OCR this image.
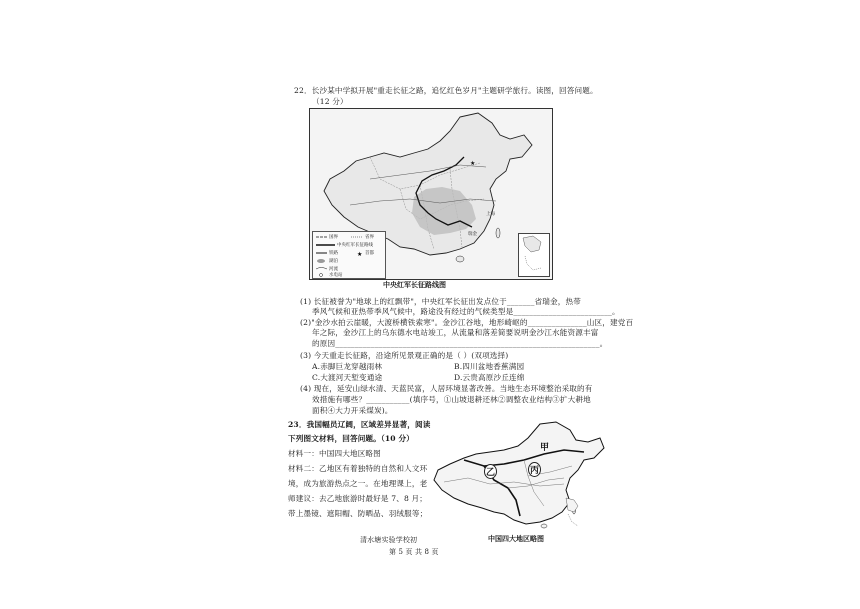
22．长沙某中学拟开展"重走长征之路，追忆红色岁月"主题研学旅行。读图，回答问题。
（12 分）
★
上海
瑞金
国界	省界
中央红军长征路线
首都
铁路
湖泊
河流
水电站
★
中央红军长征路线图
(1) 长征被誉为"地球上的红飘带"，中央红军长征出发点位于_______省瑞金，热带
季风气候和亚热带季风气候中，路途没有经过的气候类型是_________________________。
(2)"金沙水拍云崖暖，大渡桥横铁索寒"。金沙江谷地，地形崎岖的_______________山区，建党百
年之际，金沙江上的乌东德水电站竣工，从流量和落差简要说明金沙江水能资源丰富
的原因___________________________________________________________________。
(3) 今天重走长征路，沿途所见景观正确的是（ ）(双项选择)
A.赤脚巨龙穿越雨林	B.四川盆地香蕉满园
C.大渡河天堑变通途	D.云贵高原沙丘连绵
(4) 现在，延安山绿水清、天蓝民富，人居环境显著改善。当地生态环境整治采取的有
效措施有哪些？___________(填序号，①山坡退耕还林②调整农业结构③扩大耕地
面积④大力开采煤炭)。
23．我国幅员辽阔，区域差异显著，阅读
下列图文材料，回答问题。（10 分）
材料一：中国四大地区略图
材料二：乙地区有着独特的自然和人文环
境，成为旅游热点之一。在地理课上，老
师建议：去乙地旅游时最好是 7、8 月；
带上墨镜、遮阳帽、防晒品、羽绒服等；
甲
乙	丙
中国四大地区略图
清水塘实验学校初
第 5 页 共 8 页
